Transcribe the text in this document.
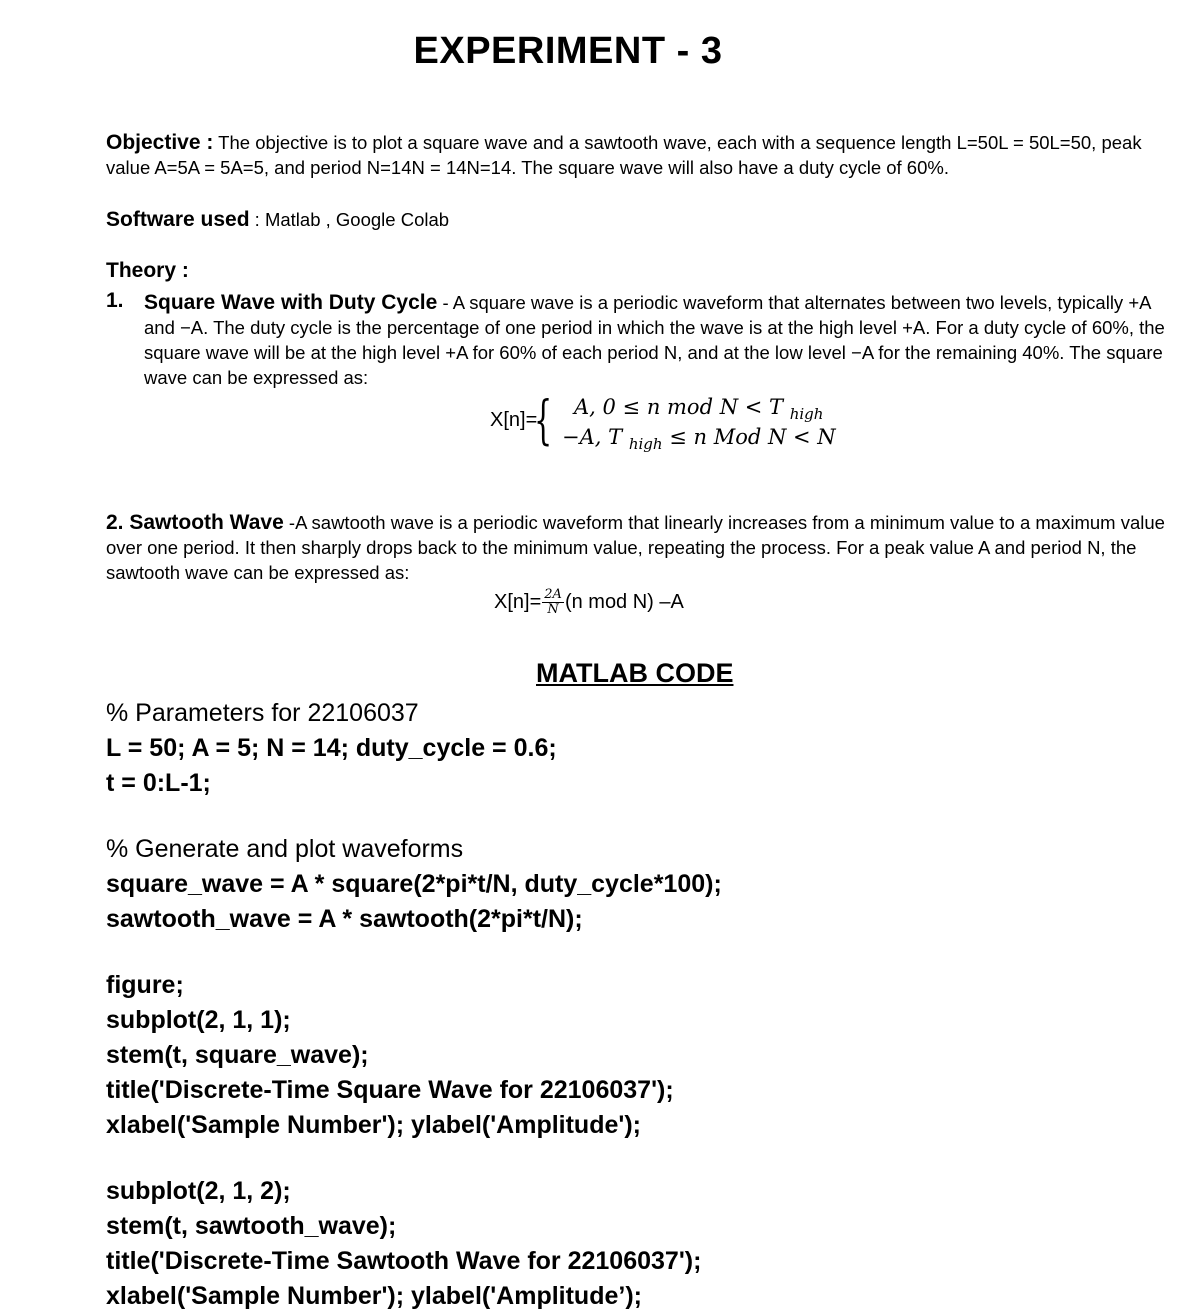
EXPERIMENT - 3
Objective : The objective is to plot a square wave and a sawtooth wave, each with a sequence length L=50L = 50L=50, peak value A=5A = 5A=5, and period N=14N = 14N=14. The square wave will also have a duty cycle of 60%.
Software used : Matlab , Google Colab
Theory :
1. Square Wave with Duty Cycle - A square wave is a periodic waveform that alternates between two levels, typically +A and −A. The duty cycle is the percentage of one period in which the wave is at the high level +A. For a duty cycle of 60%, the square wave will be at the high level +A for 60% of each period N, and at the low level −A for the remaining 40%. The square wave can be expressed as:
X[n]=
{ A, 0 ≤ n mod N < T $_{high}$
−A, T $_{high}$ ≤ n Mod N < N
2. Sawtooth Wave -A sawtooth wave is a periodic waveform that linearly increases from a minimum value to a maximum value over one period. It then sharply drops back to the minimum value, repeating the process. For a peak value A and period N, the sawtooth wave can be expressed as:
$X[n]= \frac{2A}{N} (n$ mod N) –A
MATLAB CODE
% Parameters for 22106037
L = 50; A = 5; N = 14; duty_cycle = 0.6;
t = 0:L-1;
% Generate and plot waveforms
square_wave = A * square(2*pi*t/N, duty_cycle*100);
sawtooth_wave = A * sawtooth(2*pi*t/N);
figure;
subplot(2, 1, 1);
stem(t, square_wave);
title('Discrete-Time Square Wave for 22106037');
xlabel('Sample Number'); ylabel('Amplitude');
subplot(2, 1, 2);
stem(t, sawtooth_wave);
title('Discrete-Time Sawtooth Wave for 22106037');
xlabel('Sample Number'); ylabel('Amplitude’);
